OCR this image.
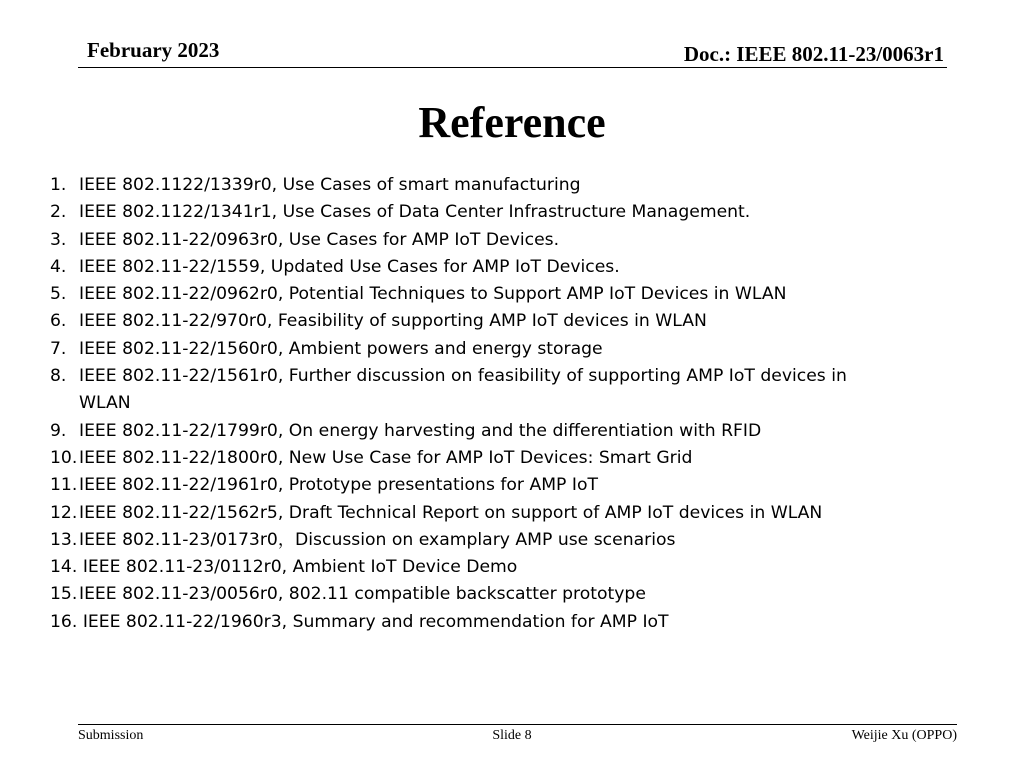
February 2023	Doc.: IEEE 802.11-23/0063r1
Reference
1. IEEE 802.1122/1339r0, Use Cases of smart manufacturing
2. IEEE 802.1122/1341r1, Use Cases of Data Center Infrastructure Management.
3. IEEE 802.11-22/0963r0, Use Cases for AMP IoT Devices.
4. IEEE 802.11-22/1559, Updated Use Cases for AMP IoT Devices.
5. IEEE 802.11-22/0962r0, Potential Techniques to Support AMP IoT Devices in WLAN
6. IEEE 802.11-22/970r0, Feasibility of supporting AMP IoT devices in WLAN
7. IEEE 802.11-22/1560r0, Ambient powers and energy storage
8. IEEE 802.11-22/1561r0, Further discussion on feasibility of supporting AMP IoT devices in WLAN
9. IEEE 802.11-22/1799r0, On energy harvesting and the differentiation with RFID
10. IEEE 802.11-22/1800r0, New Use Case for AMP IoT Devices: Smart Grid
11. IEEE 802.11-22/1961r0, Prototype presentations for AMP IoT
12. IEEE 802.11-22/1562r5, Draft Technical Report on support of AMP IoT devices in WLAN
13. IEEE 802.11-23/0173r0，Discussion on examplary AMP use scenarios
14. IEEE 802.11-23/0112r0, Ambient IoT Device Demo
15. IEEE 802.11-23/0056r0, 802.11 compatible backscatter prototype
16. IEEE 802.11-22/1960r3, Summary and recommendation for AMP IoT
Submission	Slide 8	Weijie Xu (OPPO)
